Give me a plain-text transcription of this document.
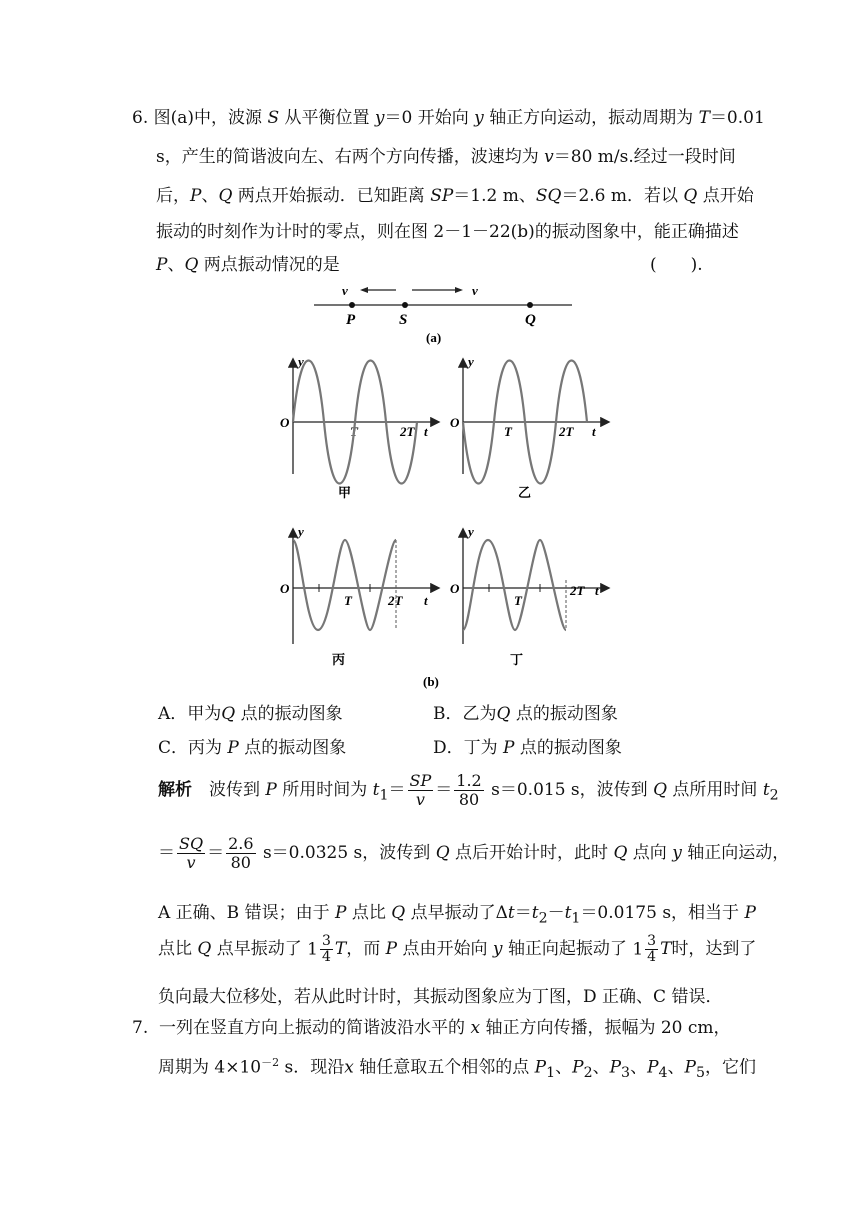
6. 图(a)中，波源 S 从平衡位置 y＝0 开始向 y 轴正方向运动，振动周期为 T＝0.01
s，产生的简谐波向左、右两个方向传播，波速均为 v＝80 m/s.经过一段时间
后，P、Q 两点开始振动．已知距离 SP＝1.2 m、SQ＝2.6 m．若以 Q 点开始
振动的时刻作为计时的零点，则在图 2－1－22(b)的振动图象中，能正确描述
P、Q 两点振动情况的是	(　　).
v	v
P	S	Q
(a)
y
O
T	2T t
甲
y
O
T	2T t
乙
y
O
T	2T t
丙
y
O
T
2T t
丁
(b)
A．甲为Q 点的振动图象	B．乙为Q 点的振动图象
C．丙为 P 点的振动图象	D．丁为 P 点的振动图象
解析　 波传到 P 所用时间为 $t_1= \frac{SP}{v} = \frac{1.2}{80} s=0.015$ s，波传到 Q 点所用时间 $t_2$
＝ $\frac{SQ}{v} = \frac{2.6}{80} s=0.0325$ s，波传到 Q 点后开始计时，此时 Q 点向 y 轴正向运动，
A 正确、B 错误；由于 P 点比 Q 点早振动了$\Delta t=t_2-t_1=0.0175$ s，相当于 P
点比 Q 点早振动了 $1 \frac{3}{4}$ T，而 P 点由开始向 y 轴正向起振动了 $1 \frac{3}{4}$ T时，达到了
负向最大位移处，若从此时计时，其振动图象应为丁图，D 正确、C 错误．
7. 一列在竖直方向上振动的简谐波沿水平的 x 轴正方向传播，振幅为 20 cm，
周期为 $4\times 10^{-2}$ s．现沿x 轴任意取五个相邻的点 $P_1$、$P_2$、$P_3$、$P_4$、$P_5$，它们
